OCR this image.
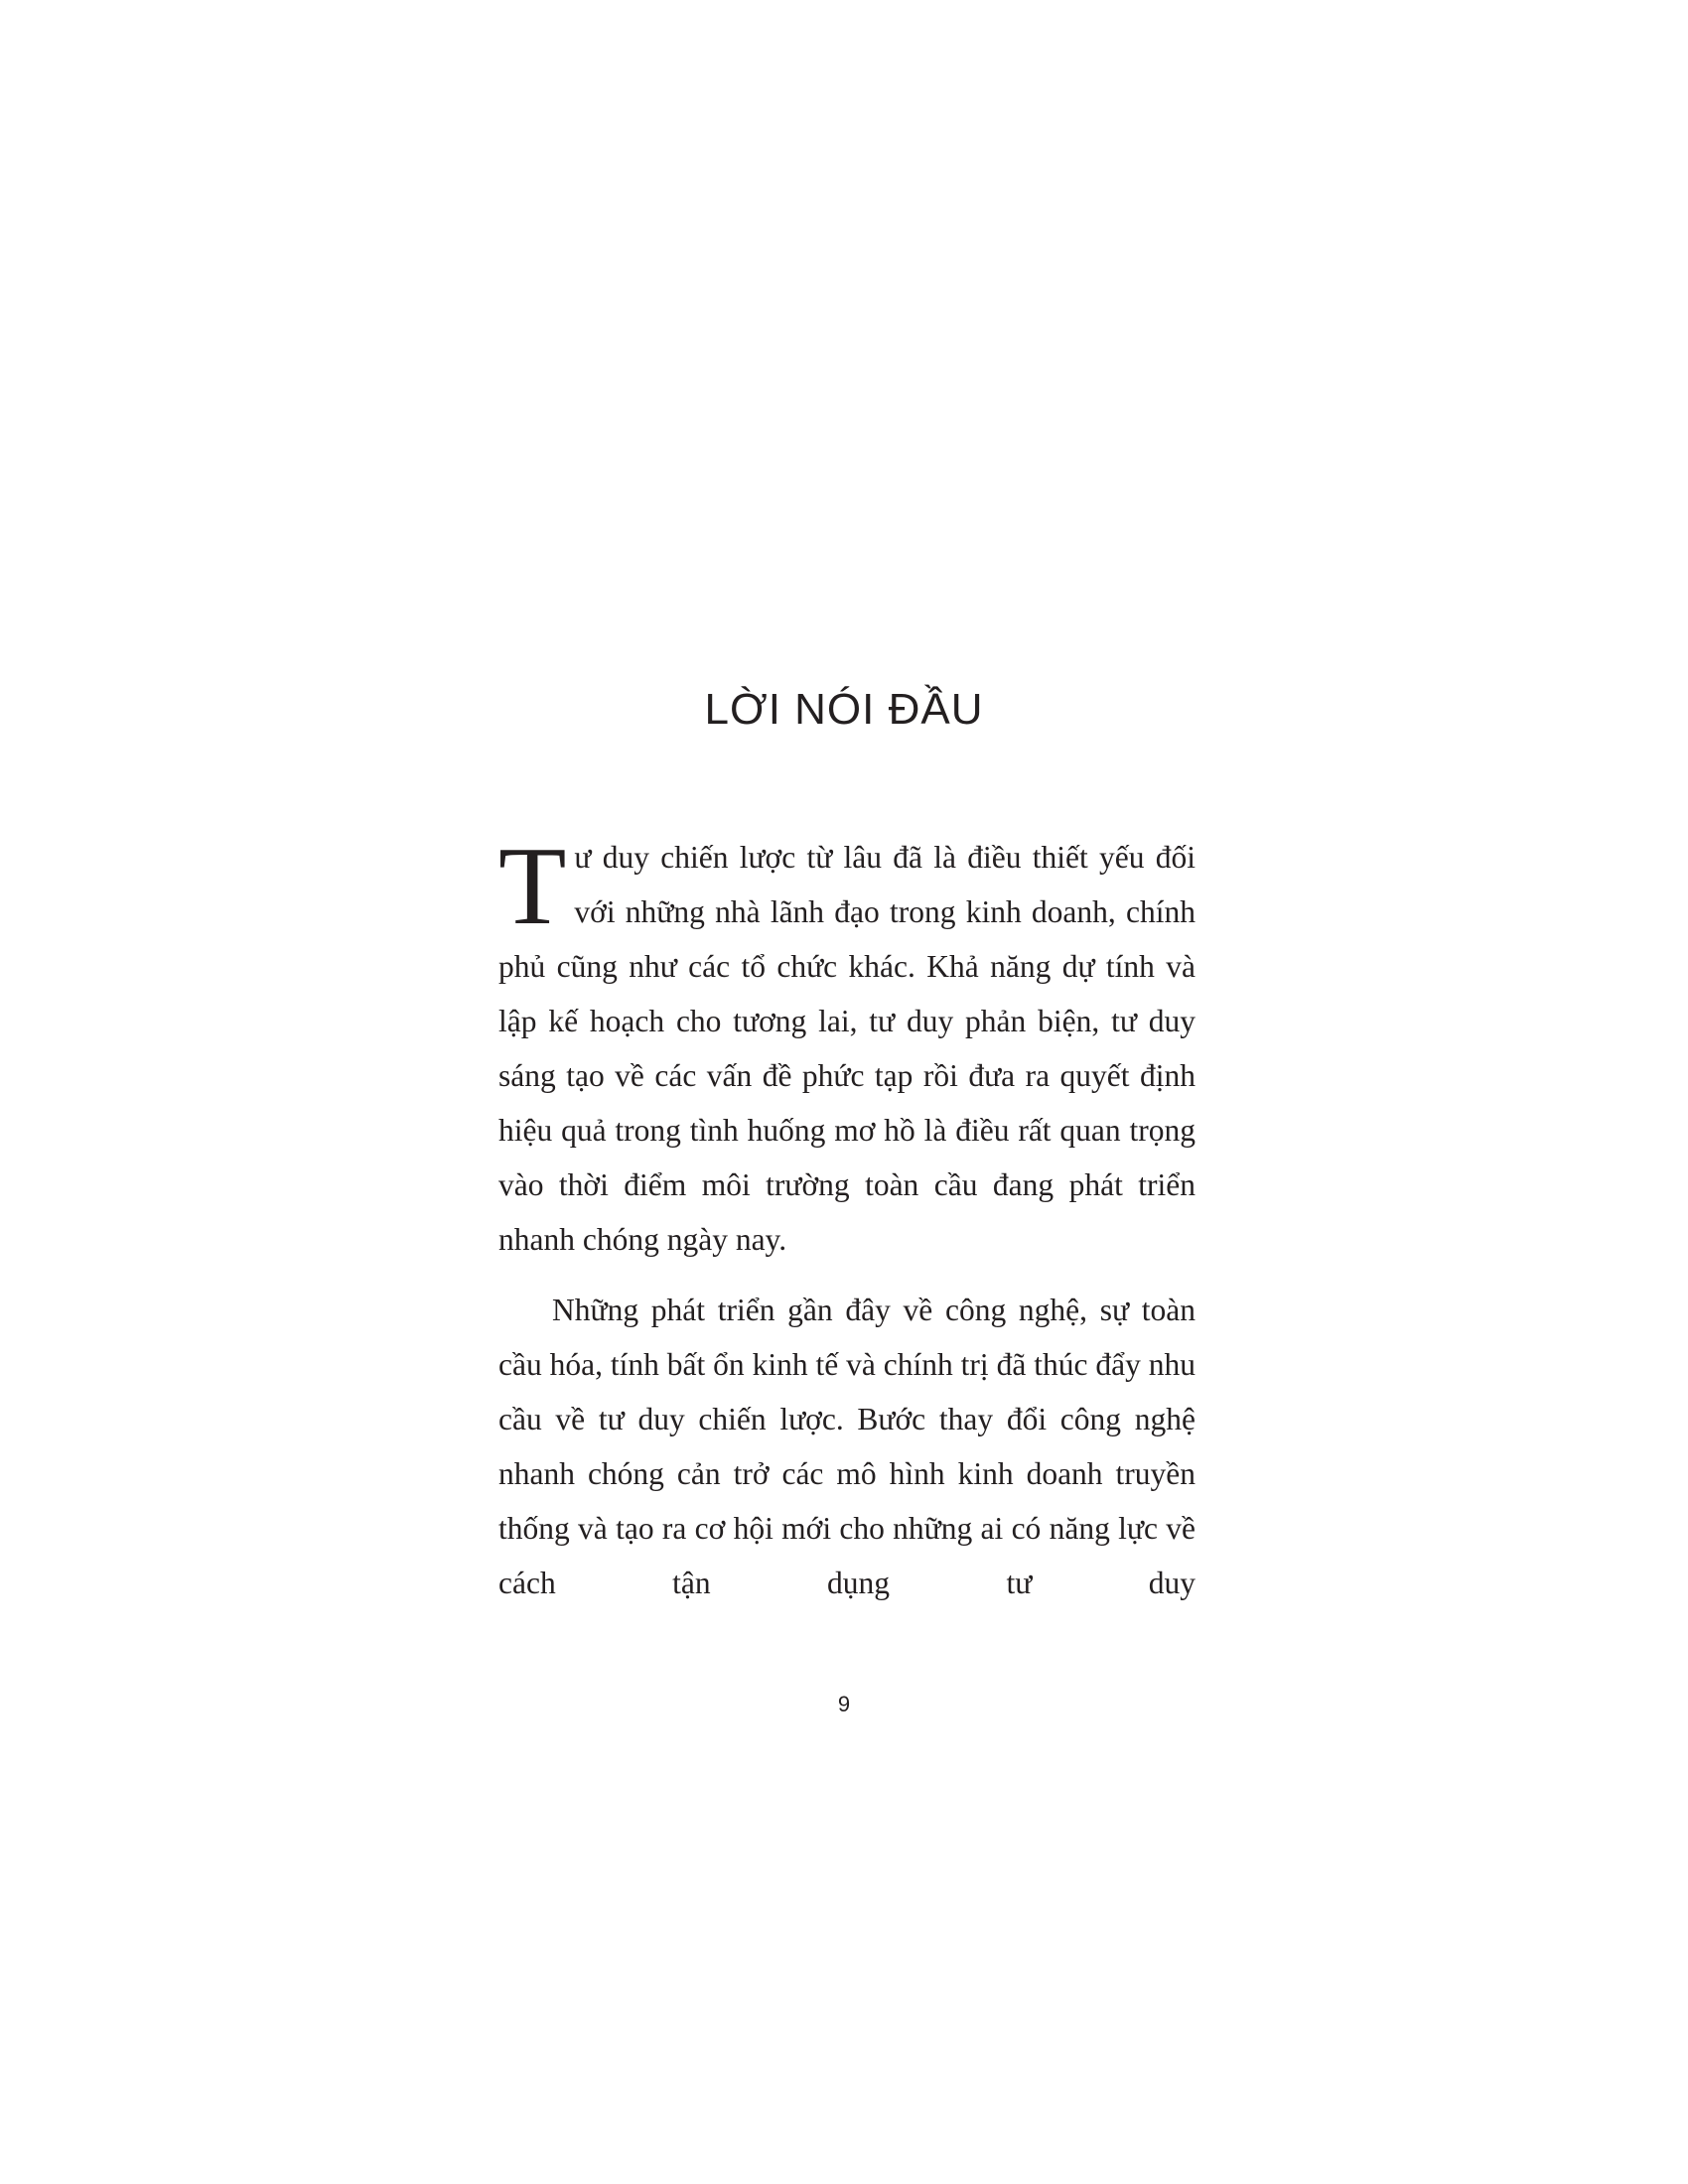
LỜI NÓI ĐẦU

Tư duy chiến lược từ lâu đã là điều thiết yếu đối với những nhà lãnh đạo trong kinh doanh, chính phủ cũng như các tổ chức khác. Khả năng dự tính và lập kế hoạch cho tương lai, tư duy phản biện, tư duy sáng tạo về các vấn đề phức tạp rồi đưa ra quyết định hiệu quả trong tình huống mơ hồ là điều rất quan trọng vào thời điểm môi trường toàn cầu đang phát triển nhanh chóng ngày nay.

Những phát triển gần đây về công nghệ, sự toàn cầu hóa, tính bất ổn kinh tế và chính trị đã thúc đẩy nhu cầu về tư duy chiến lược. Bước thay đổi công nghệ nhanh chóng cản trở các mô hình kinh doanh truyền thống và tạo ra cơ hội mới cho những ai có năng lực về cách tận dụng tư duy

9
